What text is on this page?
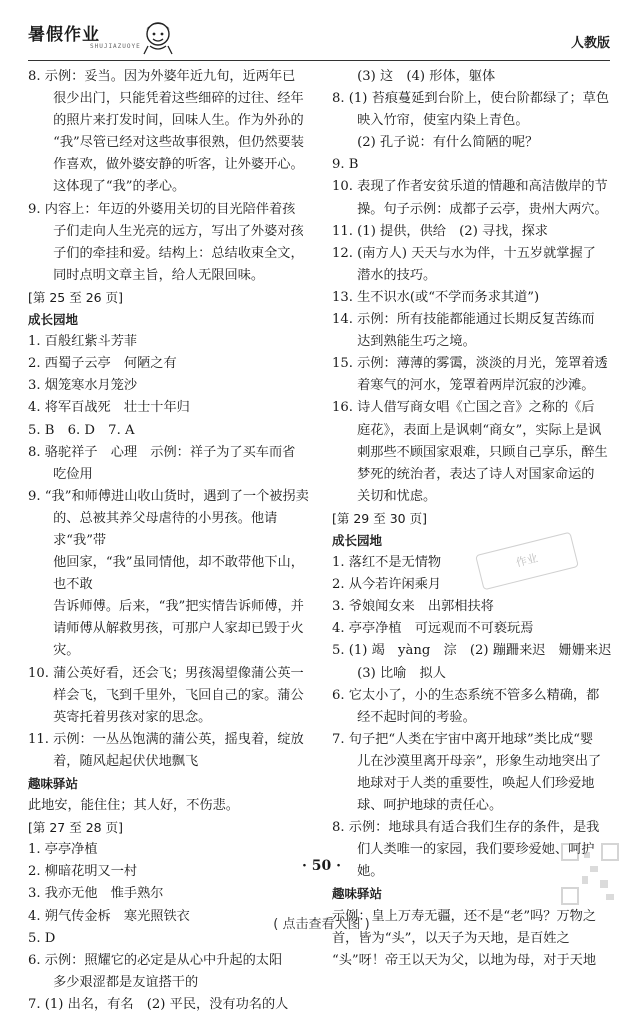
暑假作业
SHUJIAZUOYE	人教版

8. 示例：妥当。因为外婆年近九旬，近两年已

很少出门，只能凭着这些细碎的过往、经年

的照片来打发时间，回味人生。作为外孙的

“我”尽管已经对这些故事很熟，但仍然要装

作喜欢，做外婆安静的听客，让外婆开心。

这体现了“我”的孝心。

9. 内容上：年迈的外婆用关切的目光陪伴着孩

子们走向人生光亮的远方，写出了外婆对孩

子们的牵挂和爱。结构上：总结收束全文，

同时点明文章主旨，给人无限回味。

[第 25 至 26 页]

成长园地

1. 百般红紫斗芳菲

2. 西蜀子云亭　何陋之有

3. 烟笼寒水月笼沙

4. 将军百战死　壮士十年归

5. B　6. D　7. A

8. 骆驼祥子　心理　示例：祥子为了买车而省

吃俭用

9. “我”和师傅进山收山货时，遇到了一个被拐卖

的、总被其养父母虐待的小男孩。他请求“我”带

他回家，“我”虽同情他，却不敢带他下山，也不敢

告诉师傅。后来，“我”把实情告诉师傅，并

请师傅从解救男孩，可那户人家却已毁于火灾。

10. 蒲公英好看，还会飞；男孩渴望像蒲公英一

样会飞，飞到千里外，飞回自己的家。蒲公

英寄托着男孩对家的思念。

11. 示例：一丛丛饱满的蒲公英，摇曳着，绽放

着，随风起起伏伏地飘飞

趣味驿站

此地安，能住住；其人好，不伤悲。

[第 27 至 28 页]

1. 亭亭净植

2. 柳暗花明又一村

3. 我亦无他　惟手熟尔

4. 朔气传金柝　寒光照铁衣

5. D

6. 示例：照耀它的必定是从心中升起的太阳

多少艰涩都是友谊搭干的

7. (1) 出名，有名　(2) 平民，没有功名的人

(3) 这　(4) 形体，躯体

8. (1) 苔痕蔓延到台阶上，使台阶都绿了；草色

映入竹帘，使室内染上青色。

(2) 孔子说：有什么简陋的呢？

9. B

10. 表现了作者安贫乐道的情趣和高洁傲岸的节

操。句子示例：成都子云亭，贵州大两穴。

11. (1) 提供，供给　(2) 寻找，探求

12. (南方人) 天天与水为伴，十五岁就掌握了

潜水的技巧。

13. 生不识水(或“不学而务求其道”)

14. 示例：所有技能都能通过长期反复苦练而

达到熟能生巧之境。

15. 示例：薄薄的雾霭，淡淡的月光，笼罩着透

着寒气的河水，笼罩着两岸沉寂的沙滩。

16. 诗人借写商女唱《亡国之音》之称的《后

庭花》，表面上是讽刺“商女”，实际上是讽

刺那些不顾国家艰难，只顾自己享乐，醉生

梦死的统治者，表达了诗人对国家命运的

关切和忧虑。

[第 29 至 30 页]

成长园地

1. 落红不是无情物

2. 从今若许闲乘月

3. 爷娘闻女来　出郭相扶将

4. 亭亭净植　可远观而不可亵玩焉

5. (1) 竭　yàng　淙　(2) 蹦跚来迟　姗姗来迟

(3) 比喻　拟人

6. 它太小了，小的生态系统不管多么精确，都

经不起时间的考验。

7. 句子把“人类在宇宙中离开地球”类比成“婴

儿在沙漠里离开母亲”，形象生动地突出了

地球对于人类的重要性，唤起人们珍爱地

球、呵护地球的责任心。

8. 示例：地球具有适合我们生存的条件，是我

们人类唯一的家园，我们要珍爱她、呵护她。

趣味驿站

示例：皇上万寿无疆，还不是“老”吗？万物之

首，皆为“头”，以天子为天地，是百姓之

“头”呀！帝王以天为父，以地为母，对于天地

作业
· 50 ·
( 点击查看大图 )
